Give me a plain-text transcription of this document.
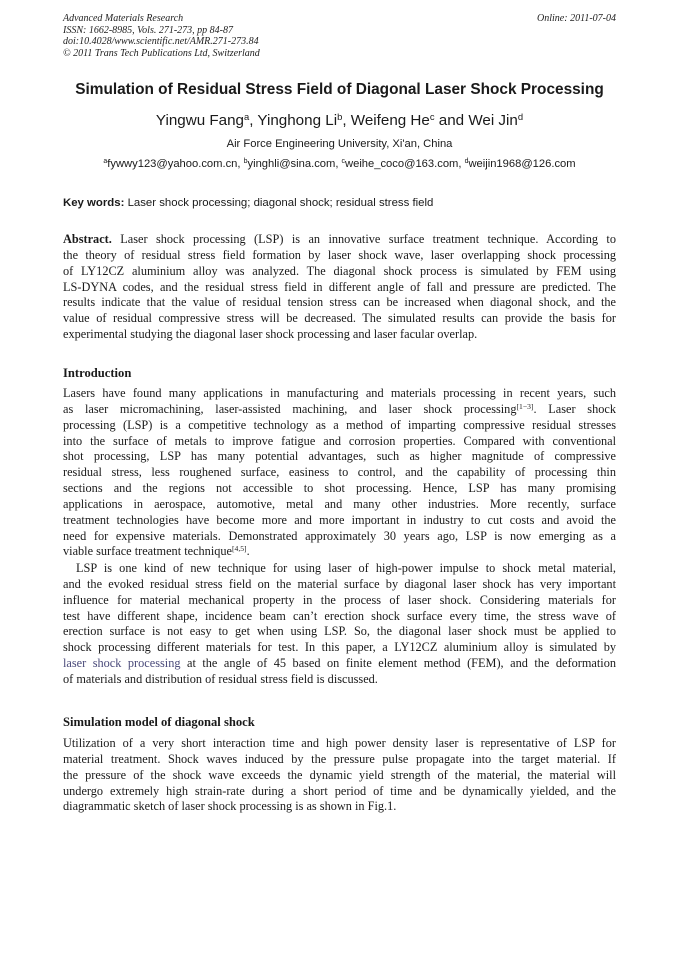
Advanced Materials Research
ISSN: 1662-8985, Vols. 271-273, pp 84-87
doi:10.4028/www.scientific.net/AMR.271-273.84
© 2011 Trans Tech Publications Ltd, Switzerland
Online: 2011-07-04
Simulation of Residual Stress Field of Diagonal Laser Shock Processing
Yingwu Fang$^a$, Yinghong Li$^b$, Weifeng He$^c$ and Wei Jin$^d$
Air Force Engineering University, Xi'an, China
$^a$fywwy123@yahoo.com.cn, $^b$yinghli@sina.com, $^c$weihe_coco@163.com, $^d$weijin1968@126.com
Key words: Laser shock processing; diagonal shock; residual stress field
Abstract. Laser shock processing (LSP) is an innovative surface treatment technique. According to
the theory of residual stress field formation by laser shock wave, laser overlapping shock processing
of LY12CZ aluminium alloy was analyzed. The diagonal shock process is simulated by FEM using
LS-DYNA codes, and the residual stress field in different angle of fall and pressure are predicted. The
results indicate that the value of residual tension stress can be increased when diagonal shock, and the
value of residual compressive stress will be decreased. The simulated results can provide the basis for
experimental studying the diagonal laser shock processing and laser facular overlap.
Introduction
Lasers have found many applications in manufacturing and materials processing in recent years, such
as laser micromachining, laser-assisted machining, and laser shock processing[1−3]. Laser shock
processing (LSP) is a competitive technology as a method of imparting compressive residual stresses
into the surface of metals to improve fatigue and corrosion properties. Compared with conventional
shot processing, LSP has many potential advantages, such as higher magnitude of compressive
residual stress, less roughened surface, easiness to control, and the capability of processing thin
sections and the regions not accessible to shot processing. Hence, LSP has many promising
applications in aerospace, automotive, metal and many other industries. More recently, surface
treatment technologies have become more and more important in industry to cut costs and avoid the
need for expensive materials. Demonstrated approximately 30 years ago, LSP is now emerging as a
viable surface treatment technique[4,5].
LSP is one kind of new technique for using laser of high-power impulse to shock metal material,
and the evoked residual stress field on the material surface by diagonal laser shock has very important
influence for material mechanical property in the process of laser shock. Considering materials for
test have different shape, incidence beam can’t erection shock surface every time, the stress wave of
erection surface is not easy to get when using LSP. So, the diagonal laser shock must be applied to
shock processing different materials for test. In this paper, a LY12CZ aluminium alloy is simulated by
laser shock processing at the angle of 45 based on finite element method (FEM), and the deformation
of materials and distribution of residual stress field is discussed.
Simulation model of diagonal shock
Utilization of a very short interaction time and high power density laser is representative of LSP for
material treatment. Shock waves induced by the pressure pulse propagate into the target material. If
the pressure of the shock wave exceeds the dynamic yield strength of the material, the material will
undergo extremely high strain-rate during a short period of time and be dynamically yielded, and the
diagrammatic sketch of laser shock processing is as shown in Fig.1.
